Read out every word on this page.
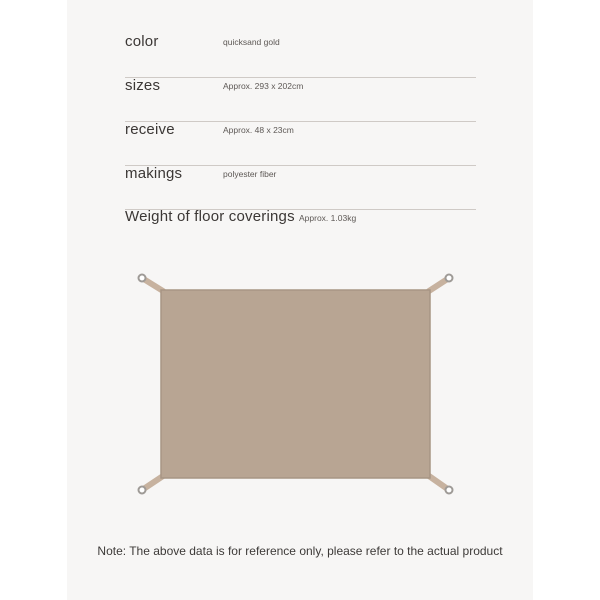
color	quicksand gold
sizes	Approx. 293 x 202cm
receive	Approx. 48 x 23cm
makings	polyester fiber
Weight of floor coverings Approx. 1.03kg
Note: The above data is for reference only, please refer to the actual product
